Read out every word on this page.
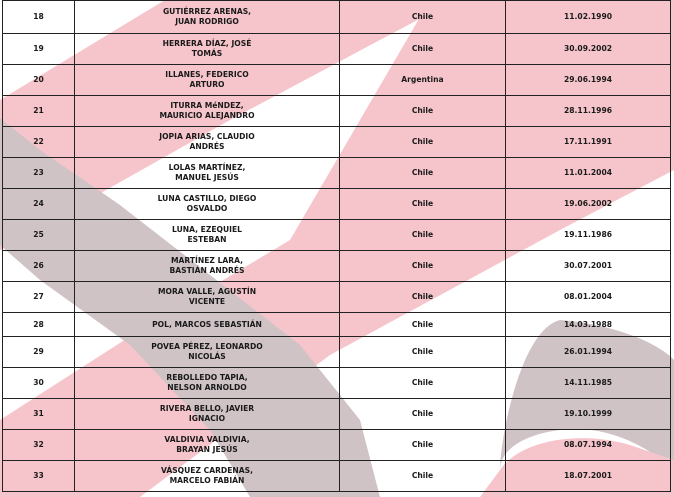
18	GUTIÉRREZ ARENAS,
JUAN RODRIGO	Chile	11.02.1990
19	HERRERA DÍAZ, JOSÉ
TOMÁS	Chile	30.09.2002
20	ILLANES, FEDERICO
ARTURO	Argentina	29.06.1994
21	ITURRA MéNDEZ,
MAURICIO ALEJANDRO	Chile	28.11.1996
22	JOPIA ARIAS, CLAUDIO
ANDRÉS	Chile	17.11.1991
23	LOLAS MARTÍNEZ,
MANUEL JESÚS	Chile	11.01.2004
24	LUNA CASTILLO, DIEGO
OSVALDO	Chile	19.06.2002
25	LUNA, EZEQUIEL
ESTEBAN	Chile	19.11.1986
26	MARTÍNEZ LARA,
BASTIÁN ANDRÉS	Chile	30.07.2001
27	MORA VALLE, AGUSTÍN
VICENTE	Chile	08.01.2004
28	POL, MARCOS SEBASTIÁN	Chile	14.03.1988
29	POVEA PÉREZ, LEONARDO
NICOLÁS	Chile	26.01.1994
30	REBOLLEDO TAPIA,
NELSON ARNOLDO	Chile	14.11.1985
31	RIVERA BELLO, JAVIER
IGNACIO	Chile	19.10.1999
32	VALDIVIA VALDIVIA,
BRAYAN JESÚS	Chile	08.07.1994
33	VÁSQUEZ CARDENAS,
MARCELO FABIÁN	Chile	18.07.2001
